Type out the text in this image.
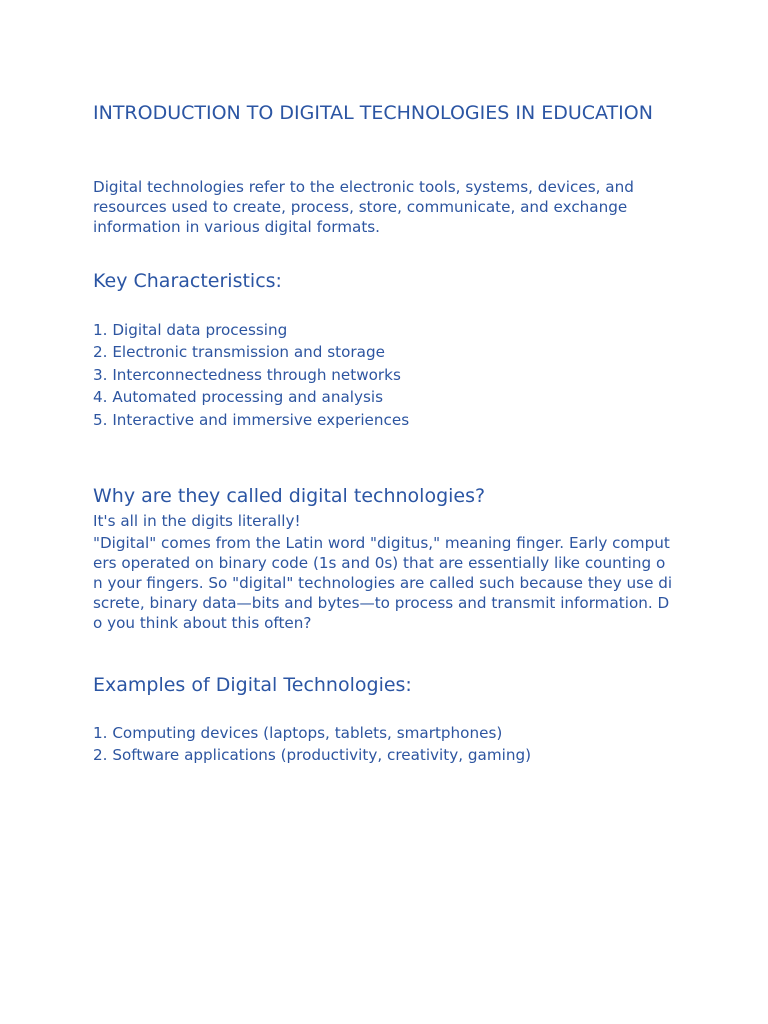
INTRODUCTION TO DIGITAL TECHNOLOGIES IN EDUCATION

Digital technologies refer to the electronic tools, systems, devices, and resources used to create, process, store, communicate, and exchange information in various digital formats.

Key Characteristics:
1. Digital data processing
2. Electronic transmission and storage
3. Interconnectedness through networks
4. Automated processing and analysis
5. Interactive and immersive experiences
Why are they called digital technologies?

It's all in the digits literally!

"Digital" comes from the Latin word "digitus," meaning finger. Early computers operated on binary code (1s and 0s) that are essentially like counting on your fingers. So "digital" technologies are called such because they use discrete, binary data—bits and bytes—to process and transmit information. Do you think about this often?

Examples of Digital Technologies:
1. Computing devices (laptops, tablets, smartphones)
2. Software applications (productivity, creativity, gaming)
